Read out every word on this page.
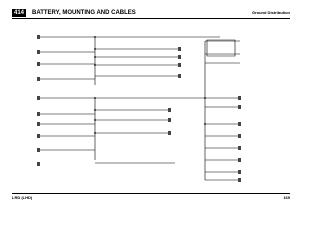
414	BATTERY, MOUNTING AND CABLES	Ground Distribution
LRD (LHD)	169
